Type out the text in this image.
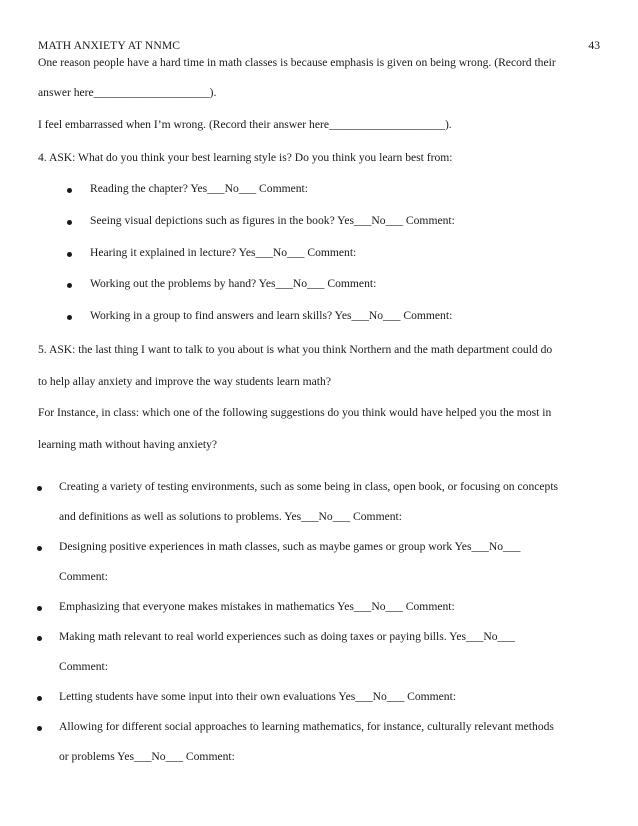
MATH ANXIETY AT NNMC	43
One reason people have a hard time in math classes is because emphasis is given on being wrong. (Record their
answer here____________________).
I feel embarrassed when I’m wrong. (Record their answer here____________________).
4. ASK: What do you think your best learning style is? Do you think you learn best from:
Reading the chapter? Yes___No___ Comment:
Seeing visual depictions such as figures in the book? Yes___No___ Comment:
Hearing it explained in lecture? Yes___No___ Comment:
Working out the problems by hand? Yes___No___ Comment:
Working in a group to find answers and learn skills? Yes___No___ Comment:
5. ASK: the last thing I want to talk to you about is what you think Northern and the math department could do
to help allay anxiety and improve the way students learn math?
For Instance, in class: which one of the following suggestions do you think would have helped you the most in
learning math without having anxiety?
Creating a variety of testing environments, such as some being in class, open book, or focusing on concepts
and definitions as well as solutions to problems. Yes___No___ Comment:
Designing positive experiences in math classes, such as maybe games or group work Yes___No___
Comment:
Emphasizing that everyone makes mistakes in mathematics Yes___No___ Comment:
Making math relevant to real world experiences such as doing taxes or paying bills. Yes___No___
Comment:
Letting students have some input into their own evaluations Yes___No___ Comment:
Allowing for different social approaches to learning mathematics, for instance, culturally relevant methods
or problems Yes___No___ Comment:
